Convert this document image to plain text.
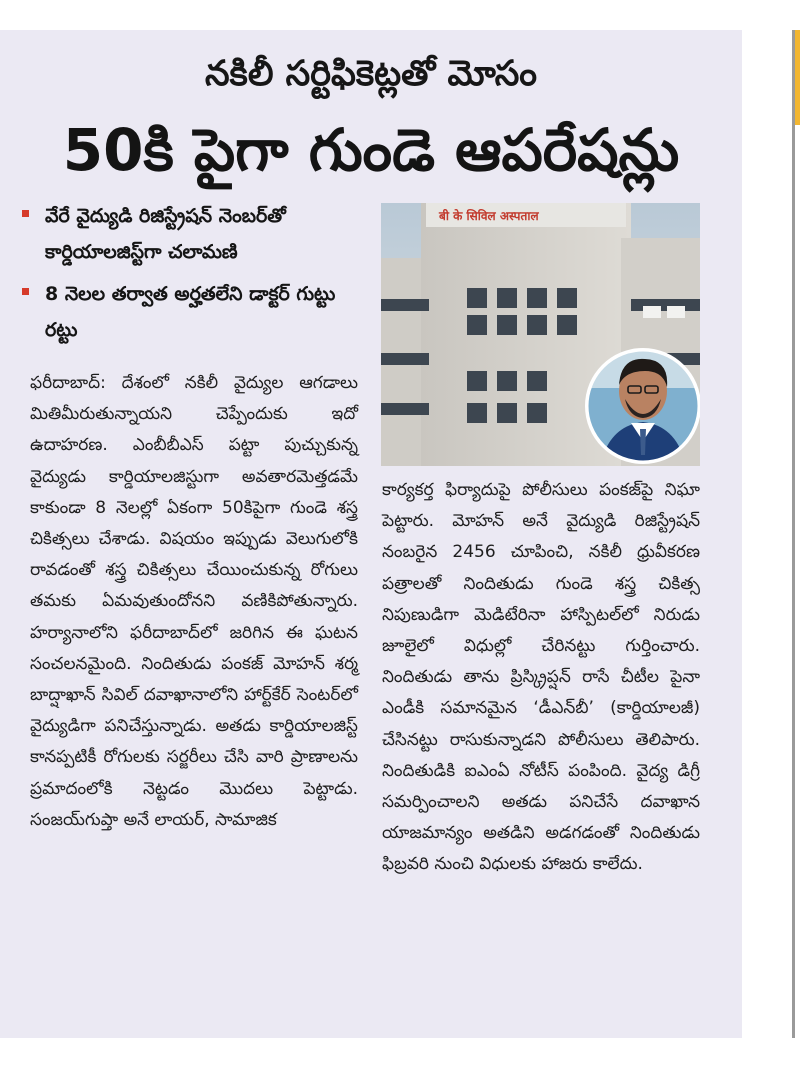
నకిలీ సర్టిఫికెట్లతో మోసం
50కి పైగా గుండె ఆపరేషన్లు
వేరే వైద్యుడి రిజిస్ట్రేషన్ నెంబర్‌తో కార్డియాలజిస్ట్‌గా చలామణి
8 నెలల తర్వాత అర్హతలేని డాక్టర్ గుట్టు రట్టు
ఫరీదాబాద్: దేశంలో నకిలీ వైద్యుల ఆగడాలు మితిమీరుతున్నాయని చెప్పేందుకు ఇదో ఉదాహరణ. ఎంబీబీఎస్ పట్టా పుచ్చుకున్న వైద్యుడు కార్డియాలజిస్టుగా అవతారమెత్తడమే కాకుండా 8 నెలల్లో ఏకంగా 50కిపైగా గుండె శస్త్ర చికిత్సలు చేశాడు. విషయం ఇప్పుడు వెలుగులోకి రావడంతో శస్త్ర చికిత్సలు చేయించుకున్న రోగులు తమకు ఏమవుతుందోనని వణికిపోతున్నారు. హర్యానాలోని ఫరీదాబాద్‌లో జరిగిన ఈ ఘటన సంచలనమైంది. నిందితుడు పంకజ్ మోహన్ శర్మ బాద్షాఖాన్ సివిల్ దవాఖానాలోని హార్ట్‌కేర్ సెంటర్‌లో వైద్యుడిగా పనిచేస్తున్నాడు. అతడు కార్డియాలజిస్ట్ కానప్పటికీ రోగులకు సర్జరీలు చేసి వారి ప్రాణాలను ప్రమాదంలోకి నెట్టడం మొదలు పెట్టాడు. సంజయ్‌గుప్తా అనే లాయర్, సామాజిక
बी के सिविल अस्पताल
కార్యకర్త ఫిర్యాదుపై పోలీసులు పంకజ్‌పై నిఘా పెట్టారు. మోహన్ అనే వైద్యుడి రిజిస్ట్రేషన్ నంబరైన 2456 చూపించి, నకిలీ ధ్రువీకరణ పత్రాలతో నిందితుడు గుండె శస్త్ర చికిత్స నిపుణుడిగా మెడిటేరినా హాస్పిటల్‌లో నిరుడు జూలైలో విధుల్లో చేరినట్టు గుర్తించారు. నిందితుడు తాను ప్రిస్క్రిప్షన్ రాసే చీటీల పైనా ఎండీకి సమానమైన ‘డీఎన్‌బీ’ (కార్డియాలజీ) చేసినట్టు రాసుకున్నాడని పోలీసులు తెలిపారు. నిందితుడికి ఐఎంఏ నోటీస్ పంపింది. వైద్య డిగ్రీ సమర్పించాలని అతడు పనిచేసే దవాఖాన యాజమాన్యం అతడిని అడగడంతో నిందితుడు ఫిబ్రవరి నుంచి విధులకు హాజరు కాలేదు.
